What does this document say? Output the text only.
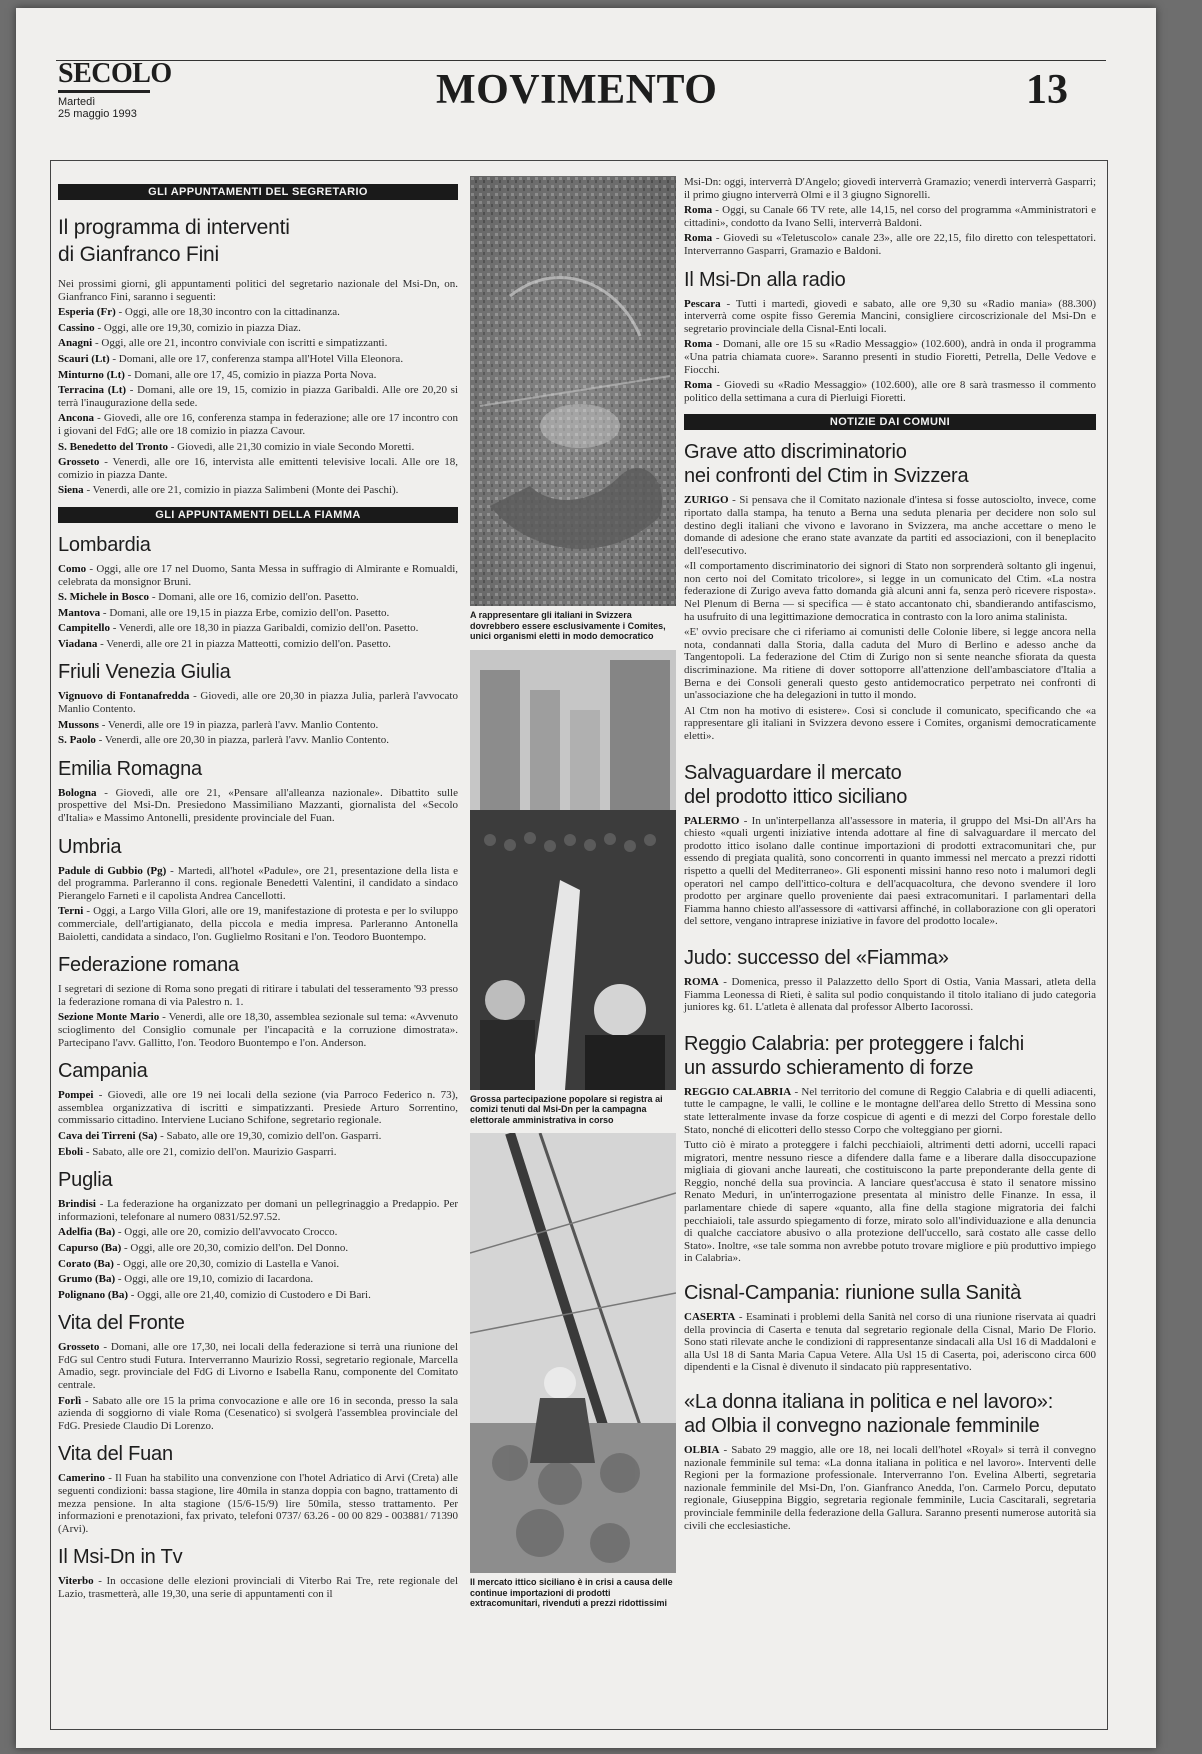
SECOLO
Martedì
25 maggio 1993
MOVIMENTO	13
GLI APPUNTAMENTI DEL SEGRETARIO
Il programma di interventi
di Gianfranco Fini

Nei prossimi giorni, gli appuntamenti politici del segretario nazionale del Msi-Dn, on. Gianfranco Fini, saranno i seguenti:

Esperia (Fr) - Oggi, alle ore 18,30 incontro con la cittadinanza.

Cassino - Oggi, alle ore 19,30, comizio in piazza Diaz.

Anagni - Oggi, alle ore 21, incontro conviviale con iscritti e simpatizzanti.

Scauri (Lt) - Domani, alle ore 17, conferenza stampa all'Hotel Villa Eleonora.

Minturno (Lt) - Domani, alle ore 17, 45, comizio in piazza Porta Nova.

Terracina (Lt) - Domani, alle ore 19, 15, comizio in piazza Garibaldi. Alle ore 20,20 si terrà l'inaugurazione della sede.

Ancona - Giovedì, alle ore 16, conferenza stampa in federazione; alle ore 17 incontro con i giovani del FdG; alle ore 18 comizio in piazza Cavour.

S. Benedetto del Tronto - Giovedì, alle 21,30 comizio in viale Secondo Moretti.

Grosseto - Venerdì, alle ore 16, intervista alle emittenti televisive locali. Alle ore 18, comizio in piazza Dante.

Siena - Venerdì, alle ore 21, comizio in piazza Salimbeni (Monte dei Paschi).

GLI APPUNTAMENTI DELLA FIAMMA
Lombardia

Como - Oggi, alle ore 17 nel Duomo, Santa Messa in suffragio di Almirante e Romualdi, celebrata da monsignor Bruni.

S. Michele in Bosco - Domani, alle ore 16, comizio dell'on. Pasetto.

Mantova - Domani, alle ore 19,15 in piazza Erbe, comizio dell'on. Pasetto.

Campitello - Venerdì, alle ore 18,30 in piazza Garibaldi, comizio dell'on. Pasetto.

Viadana - Venerdì, alle ore 21 in piazza Matteotti, comizio dell'on. Pasetto.

Friuli Venezia Giulia

Vignuovo di Fontanafredda - Giovedì, alle ore 20,30 in piazza Julia, parlerà l'avvocato Manlio Contento.

Mussons - Venerdì, alle ore 19 in piazza, parlerà l'avv. Manlio Contento.

S. Paolo - Venerdì, alle ore 20,30 in piazza, parlerà l'avv. Manlio Contento.

Emilia Romagna

Bologna - Giovedì, alle ore 21, «Pensare all'alleanza nazionale». Dibattito sulle prospettive del Msi-Dn. Presiedono Massimiliano Mazzanti, giornalista del «Secolo d'Italia» e Massimo Antonelli, presidente provinciale del Fuan.

Umbria

Padule di Gubbio (Pg) - Martedì, all'hotel «Padule», ore 21, presentazione della lista e del programma. Parleranno il cons. regionale Benedetti Valentini, il candidato a sindaco Pierangelo Farneti e il capolista Andrea Cancellotti.

Terni - Oggi, a Largo Villa Glori, alle ore 19, manifestazione di protesta e per lo sviluppo commerciale, dell'artigianato, della piccola e media impresa. Parleranno Antonella Baioletti, candidata a sindaco, l'on. Guglielmo Rositani e l'on. Teodoro Buontempo.

Federazione romana

I segretari di sezione di Roma sono pregati di ritirare i tabulati del tesseramento '93 presso la federazione romana di via Palestro n. 1.

Sezione Monte Mario - Venerdì, alle ore 18,30, assemblea sezionale sul tema: «Avvenuto scioglimento del Consiglio comunale per l'incapacità e la corruzione dimostrata». Partecipano l'avv. Gallitto, l'on. Teodoro Buontempo e l'on. Anderson.

Campania

Pompei - Giovedì, alle ore 19 nei locali della sezione (via Parroco Federico n. 73), assemblea organizzativa di iscritti e simpatizzanti. Presiede Arturo Sorrentino, commissario cittadino. Interviene Luciano Schifone, segretario regionale.

Cava dei Tirreni (Sa) - Sabato, alle ore 19,30, comizio dell'on. Gasparri.

Eboli - Sabato, alle ore 21, comizio dell'on. Maurizio Gasparri.

Puglia

Brindisi - La federazione ha organizzato per domani un pellegrinaggio a Predappio. Per informazioni, telefonare al numero 0831/52.97.52.

Adelfia (Ba) - Oggi, alle ore 20, comizio dell'avvocato Crocco.

Capurso (Ba) - Oggi, alle ore 20,30, comizio dell'on. Del Donno.

Corato (Ba) - Oggi, alle ore 20,30, comizio di Lastella e Vanoi.

Grumo (Ba) - Oggi, alle ore 19,10, comizio di Iacardona.

Polignano (Ba) - Oggi, alle ore 21,40, comizio di Custodero e Di Bari.

Vita del Fronte

Grosseto - Domani, alle ore 17,30, nei locali della federazione si terrà una riunione del FdG sul Centro studi Futura. Interverranno Maurizio Rossi, segretario regionale, Marcella Amadio, segr. provinciale del FdG di Livorno e Isabella Ranu, componente del Comitato centrale.

Forlì - Sabato alle ore 15 la prima convocazione e alle ore 16 in seconda, presso la sala azienda di soggiorno di viale Roma (Cesenatico) si svolgerà l'assemblea provinciale del FdG. Presiede Claudio Di Lorenzo.

Vita del Fuan

Camerino - Il Fuan ha stabilito una convenzione con l'hotel Adriatico di Arvi (Creta) alle seguenti condizioni: bassa stagione, lire 40mila in stanza doppia con bagno, trattamento di mezza pensione. In alta stagione (15/6-15/9) lire 50mila, stesso trattamento. Per informazioni e prenotazioni, fax privato, telefoni 0737/ 63.26 - 00 00 829 - 003881/ 71390 (Arvi).

Il Msi-Dn in Tv

Viterbo - In occasione delle elezioni provinciali di Viterbo Rai Tre, rete regionale del Lazio, trasmetterà, alle 19,30, una serie di appuntamenti con il

A rappresentare gli italiani in Svizzera dovrebbero essere esclusivamente i Comites, unici organismi eletti in modo democratico
Grossa partecipazione popolare si registra ai comizi tenuti dal Msi-Dn per la campagna elettorale amministrativa in corso
Il mercato ittico siciliano è in crisi a causa delle continue importazioni di prodotti extracomunitari, rivenduti a prezzi ridottissimi

Msi-Dn: oggi, interverrà D'Angelo; giovedì interverrà Gramazio; venerdì interverrà Gasparri; il primo giugno interverrà Olmi e il 3 giugno Signorelli.

Roma - Oggi, su Canale 66 TV rete, alle 14,15, nel corso del programma «Amministratori e cittadini», condotto da Ivano Selli, interverrà Baldoni.

Roma - Giovedì su «Teletuscolo» canale 23», alle ore 22,15, filo diretto con telespettatori. Interverranno Gasparri, Gramazio e Baldoni.

Il Msi-Dn alla radio

Pescara - Tutti i martedì, giovedì e sabato, alle ore 9,30 su «Radio mania» (88.300) interverrà come ospite fisso Geremia Mancini, consigliere circoscrizionale del Msi-Dn e segretario provinciale della Cisnal-Enti locali.

Roma - Domani, alle ore 15 su «Radio Messaggio» (102.600), andrà in onda il programma «Una patria chiamata cuore». Saranno presenti in studio Fioretti, Petrella, Delle Vedove e Fiocchi.

Roma - Giovedì su «Radio Messaggio» (102.600), alle ore 8 sarà trasmesso il commento politico della settimana a cura di Pierluigi Fioretti.

NOTIZIE DAI COMUNI
Grave atto discriminatorio
nei confronti del Ctim in Svizzera

ZURIGO - Si pensava che il Comitato nazionale d'intesa si fosse autosciolto, invece, come riportato dalla stampa, ha tenuto a Berna una seduta plenaria per decidere non solo sul destino degli italiani che vivono e lavorano in Svizzera, ma anche accettare o meno le domande di adesione che erano state avanzate da partiti ed associazioni, con il beneplacito dell'esecutivo.

«Il comportamento discriminatorio dei signori di Stato non sorprenderà soltanto gli ingenui, non certo noi del Comitato tricolore», si legge in un comunicato del Ctim. «La nostra federazione di Zurigo aveva fatto domanda già alcuni anni fa, senza però ricevere risposta». Nel Plenum di Berna — si specifica — è stato accantonato chi, sbandierando antifascismo, ha usufruito di una legittimazione democratica in contrasto con la loro anima stalinista.

«E' ovvio precisare che ci riferiamo ai comunisti delle Colonie libere, si legge ancora nella nota, condannati dalla Storia, dalla caduta del Muro di Berlino e adesso anche da Tangentopoli. La federazione del Ctim di Zurigo non si sente neanche sfiorata da questa discriminazione. Ma ritiene di dover sottoporre all'attenzione dell'ambasciatore d'Italia a Berna e dei Consoli generali questo gesto antidemocratico perpetrato nei confronti di un'associazione che ha delegazioni in tutto il mondo.

Al Ctm non ha motivo di esistere». Così si conclude il comunicato, specificando che «a rappresentare gli italiani in Svizzera devono essere i Comites, organismi democraticamente eletti».

Salvaguardare il mercato
del prodotto ittico siciliano

PALERMO - In un'interpellanza all'assessore in materia, il gruppo del Msi-Dn all'Ars ha chiesto «quali urgenti iniziative intenda adottare al fine di salvaguardare il mercato del prodotto ittico isolano dalle continue importazioni di prodotti extracomunitari che, pur essendo di pregiata qualità, sono concorrenti in quanto immessi nel mercato a prezzi ridotti rispetto a quelli del Mediterraneo». Gli esponenti missini hanno reso noto i malumori degli operatori nel campo dell'ittico-coltura e dell'acquacoltura, che devono svendere il loro prodotto per arginare quello proveniente dai paesi extracomunitari. I parlamentari della Fiamma hanno chiesto all'assessore di «attivarsi affinché, in collaborazione con gli operatori del settore, vengano intraprese iniziative in favore del prodotto locale».

Judo: successo del «Fiamma»

ROMA - Domenica, presso il Palazzetto dello Sport di Ostia, Vania Massari, atleta della Fiamma Leonessa di Rieti, è salita sul podio conquistando il titolo italiano di judo categoria juniores kg. 61. L'atleta è allenata dal professor Alberto Iacorossi.

Reggio Calabria: per proteggere i falchi
un assurdo schieramento di forze

REGGIO CALABRIA - Nel territorio del comune di Reggio Calabria e di quelli adiacenti, tutte le campagne, le valli, le colline e le montagne dell'area dello Stretto di Messina sono state letteralmente invase da forze cospicue di agenti e di mezzi del Corpo forestale dello Stato, nonché di elicotteri dello stesso Corpo che volteggiano per giorni.

Tutto ciò è mirato a proteggere i falchi pecchiaioli, altrimenti detti adorni, uccelli rapaci migratori, mentre nessuno riesce a difendere dalla fame e a liberare dalla disoccupazione migliaia di giovani anche laureati, che costituiscono la parte preponderante della gente di Reggio, nonché della sua provincia. A lanciare quest'accusa è stato il senatore missino Renato Meduri, in un'interrogazione presentata al ministro delle Finanze. In essa, il parlamentare chiede di sapere «quanto, alla fine della stagione migratoria dei falchi pecchiaioli, tale assurdo spiegamento di forze, mirato solo all'individuazione e alla denuncia di qualche cacciatore abusivo o alla protezione dell'uccello, sarà costato alle casse dello Stato». Inoltre, «se tale somma non avrebbe potuto trovare migliore e più produttivo impiego in Calabria».

Cisnal-Campania: riunione sulla Sanità

CASERTA - Esaminati i problemi della Sanità nel corso di una riunione riservata ai quadri della provincia di Caserta e tenuta dal segretario regionale della Cisnal, Mario De Florio. Sono stati rilevate anche le condizioni di rappresentanze sindacali alla Usl 16 di Maddaloni e alla Usl 18 di Santa Maria Capua Vetere. Alla Usl 15 di Caserta, poi, aderiscono circa 600 dipendenti e la Cisnal è divenuto il sindacato più rappresentativo.

«La donna italiana in politica e nel lavoro»:
ad Olbia il convegno nazionale femminile

OLBIA - Sabato 29 maggio, alle ore 18, nei locali dell'hotel «Royal» si terrà il convegno nazionale femminile sul tema: «La donna italiana in politica e nel lavoro». Interventi delle Regioni per la formazione professionale. Interverranno l'on. Evelina Alberti, segretaria nazionale femminile del Msi-Dn, l'on. Gianfranco Anedda, l'on. Carmelo Porcu, deputato regionale, Giuseppina Biggio, segretaria regionale femminile, Lucia Cascitarali, segretaria provinciale femminile della federazione della Gallura. Saranno presenti numerose autorità sia civili che ecclesiastiche.
